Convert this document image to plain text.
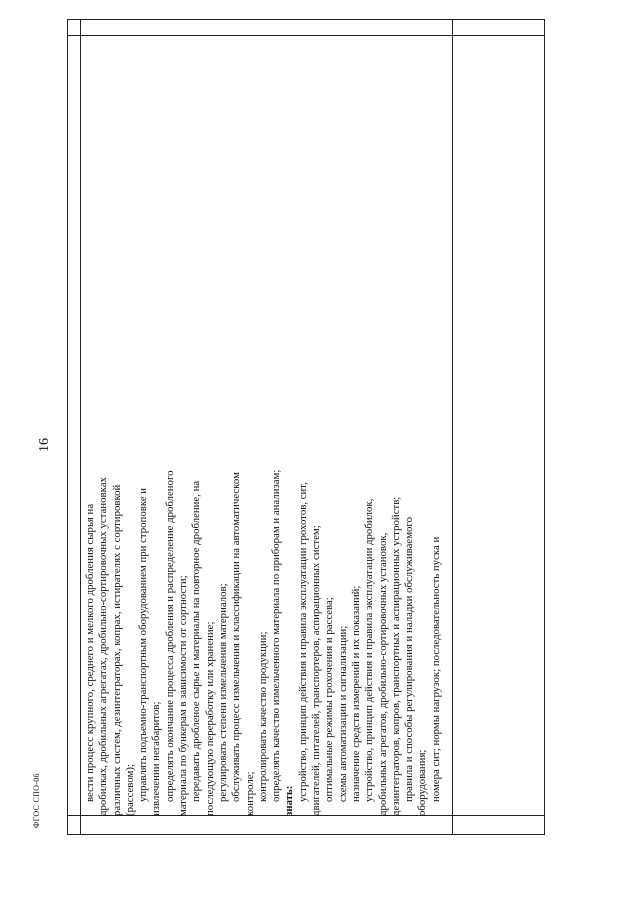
16
ФГОС СПО-06	вести процесс крупного, среднего и мелкого дробления сырья на дробилках, дробильных агрегатах, дробильно-сортировочных установках различных систем, дезинтеграторах, копрах, истирателях с сортировкой (рассевом); управлять подъемно-транспортным оборудованием при строповке и извлечении негабаритов; определять окончание процесса дробления и распределение дробленого материала по бункерам в зависимости от сортности; передавать дробленое сырье и материалы на повторное дробление, на последующую переработку или хранение; регулировать степени измельчения материалов; обслуживать процесс измельчения и классификации на автоматическом контроле; контролировать качество продукции; определять качество измельченного материала по приборам и анализам; знать: устройство, принцип действия и правила эксплуатации грохотов, сит, двигателей, питателей, транспортеров, аспирационных систем; оптимальные режимы грохочения и рассева; схемы автоматизации и сигнализации; назначение средств измерений и их показаний; устройство, принцип действия и правила эксплуатации дробилок, дробильных агрегатов, дробильно-сортировочных установок, дезинтеграторов, копров, транспортных и аспирационных устройств; правила и способы регулирования и наладки обслуживаемого оборудования; номера сит; нормы нагрузок; последовательность пуска и
